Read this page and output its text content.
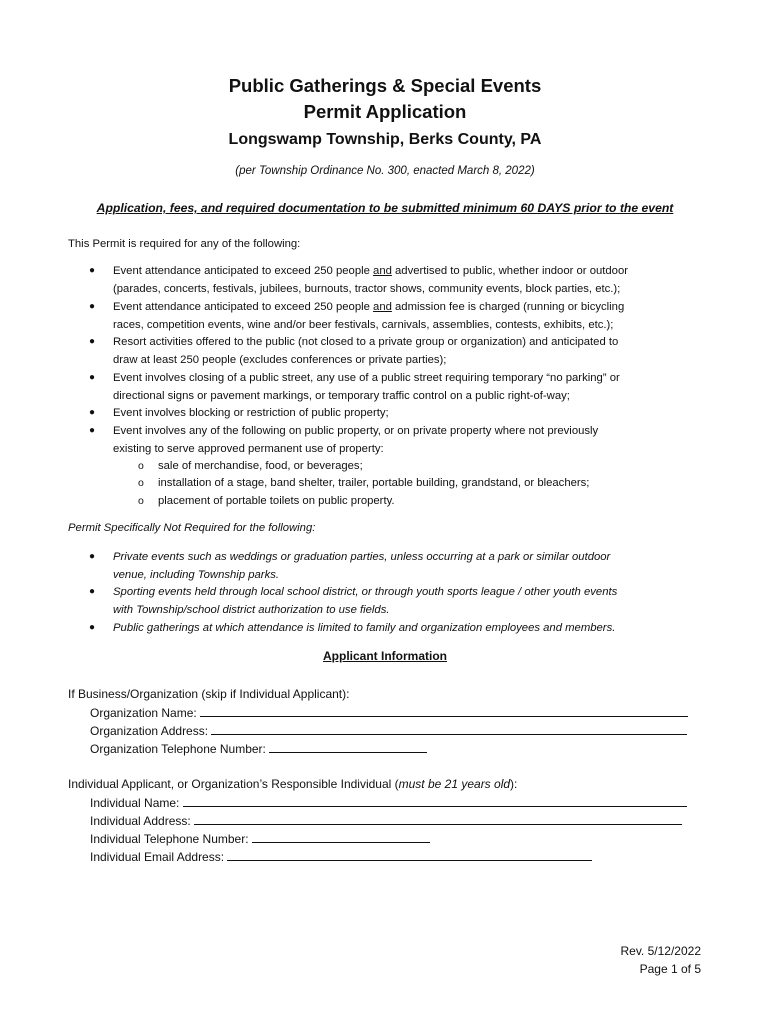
Public Gatherings & Special Events
Permit Application
Longswamp Township, Berks County, PA
(per Township Ordinance No. 300, enacted March 8, 2022)
Application, fees, and required documentation to be submitted minimum 60 DAYS prior to the event
This Permit is required for any of the following:
● Event attendance anticipated to exceed 250 people and advertised to public, whether indoor or outdoor
(parades, concerts, festivals, jubilees, burnouts, tractor shows, community events, block parties, etc.);
● Event attendance anticipated to exceed 250 people and admission fee is charged (running or bicycling
races, competition events, wine and/or beer festivals, carnivals, assemblies, contests, exhibits, etc.);
● Resort activities offered to the public (not closed to a private group or organization) and anticipated to
draw at least 250 people (excludes conferences or private parties);
● Event involves closing of a public street, any use of a public street requiring temporary “no parking” or
directional signs or pavement markings, or temporary traffic control on a public right-of-way;
● Event involves blocking or restriction of public property;
● Event involves any of the following on public property, or on private property where not previously
existing to serve approved permanent use of property:
o sale of merchandise, food, or beverages;
o installation of a stage, band shelter, trailer, portable building, grandstand, or bleachers;
o placement of portable toilets on public property.
Permit Specifically Not Required for the following:
● Private events such as weddings or graduation parties, unless occurring at a park or similar outdoor
venue, including Township parks.
● Sporting events held through local school district, or through youth sports league / other youth events
with Township/school district authorization to use fields.
● Public gatherings at which attendance is limited to family and organization employees and members.
Applicant Information
If Business/Organization (skip if Individual Applicant):
Organization Name:
Organization Address:
Organization Telephone Number:
Individual Applicant, or Organization’s Responsible Individual (must be 21 years old):
Individual Name:
Individual Address:
Individual Telephone Number:
Individual Email Address:
Rev. 5/12/2022
Page 1 of 5
